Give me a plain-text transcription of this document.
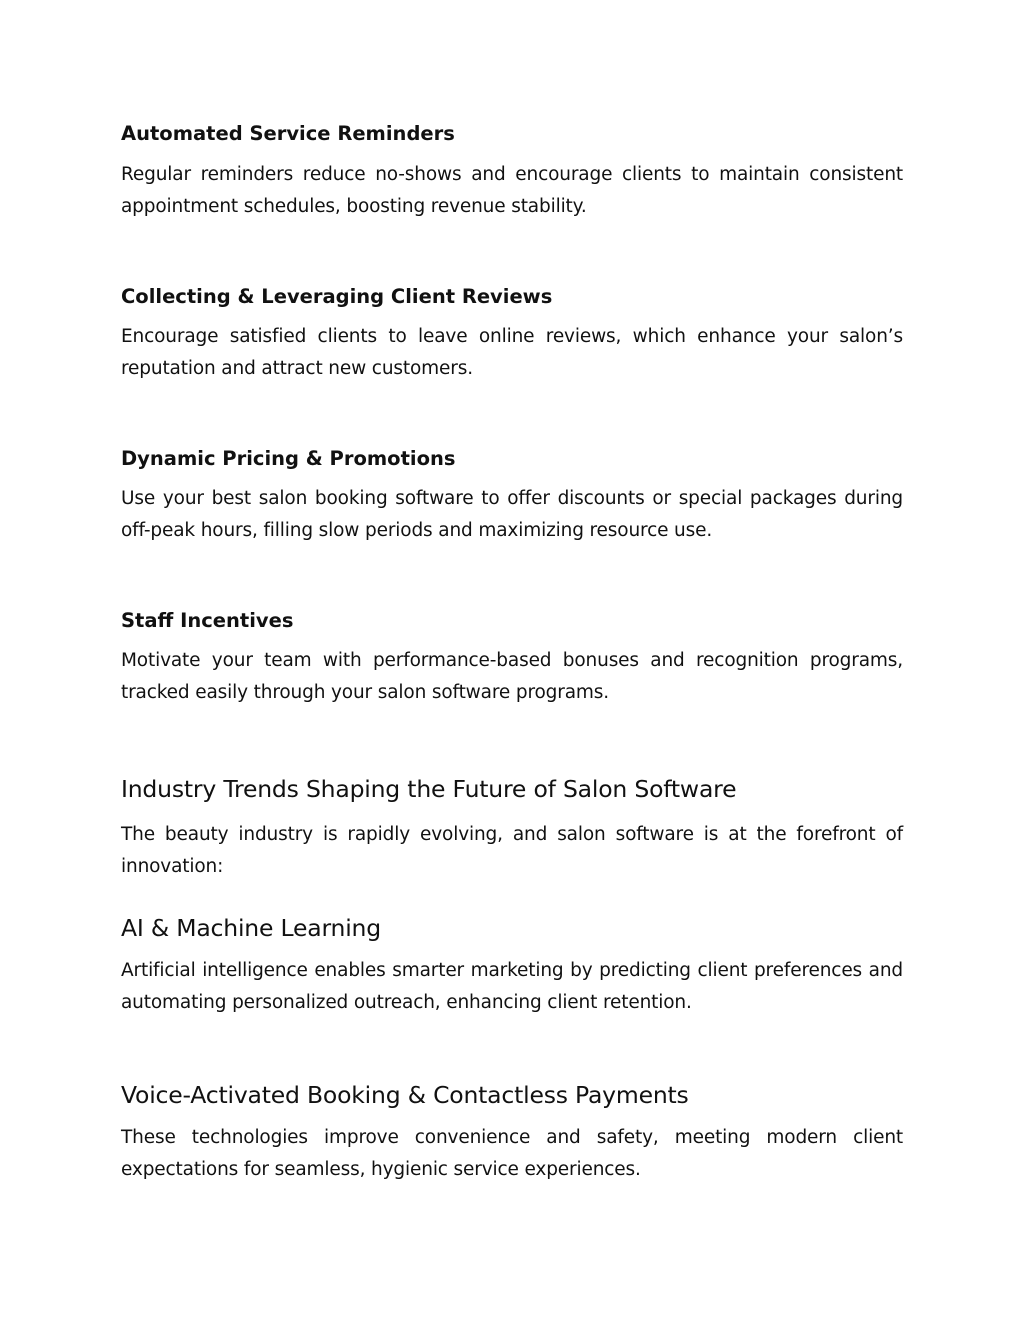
Automated Service Reminders

Regular reminders reduce no-shows and encourage clients to maintain consistent appointment schedules, boosting revenue stability.

Collecting & Leveraging Client Reviews

Encourage satisfied clients to leave online reviews, which enhance your salon’s reputation and attract new customers.

Dynamic Pricing & Promotions

Use your best salon booking software to offer discounts or special packages during off-peak hours, filling slow periods and maximizing resource use.

Staff Incentives

Motivate your team with performance-based bonuses and recognition programs, tracked easily through your salon software programs.

Industry Trends Shaping the Future of Salon Software

The beauty industry is rapidly evolving, and salon software is at the forefront of innovation:

AI & Machine Learning

Artificial intelligence enables smarter marketing by predicting client preferences and automating personalized outreach, enhancing client retention.

Voice-Activated Booking & Contactless Payments

These technologies improve convenience and safety, meeting modern client expectations for seamless, hygienic service experiences.
